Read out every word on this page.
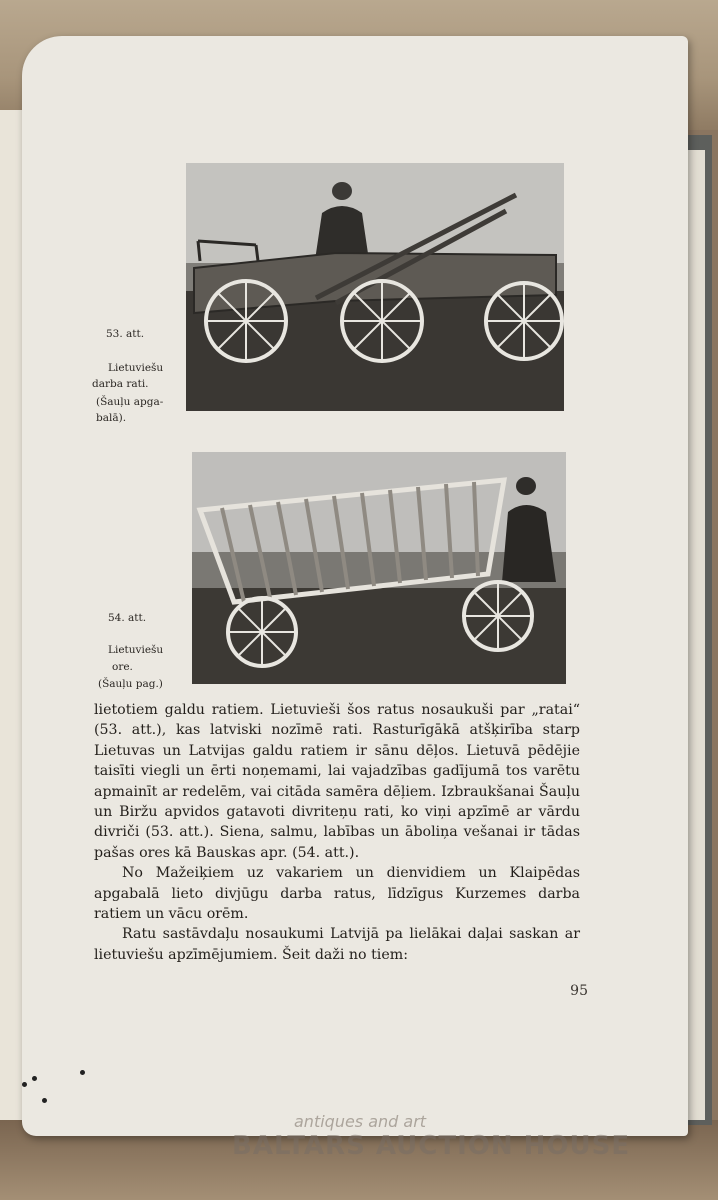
53. att.
Lietuviešu
darba rati.
(Šauļu apga-
balā).
54. att.
Lietuviešu
ore.
(Šauļu pag.)

lietotiem galdu ratiem. Lietuvieši šos ratus nosaukuši par „ratai“ (53. att.), kas latviski nozīmē rati. Rasturīgākā atšķirība starp Lietuvas un Latvijas galdu ratiem ir sānu dēļos. Lietuvā pēdējie taisīti viegli un ērti noņemami, lai vajadzības gadījumā tos varētu apmainīt ar redelēm, vai citāda samēra dēļiem. Izbraukšanai Šauļu un Biržu apvidos gatavoti divriteņu rati, ko viņi apzīmē ar vārdu divriči (53. att.). Siena, salmu, labības un āboliņa vešanai ir tādas pašas ores kā Bauskas apr. (54. att.).

No Mažeiķiem uz vakariem un dienvidiem un Klaipēdas apgabalā lieto divjūgu darba ratus, līdzīgus Kurzemes darba ratiem un vācu orēm.

Ratu sastāvdaļu nosaukumi Latvijā pa lielākai daļai saskan ar lietuviešu apzīmējumiem. Šeit daži no tiem:

95
antiques and art
BALTARS AUCTION HOUSE
